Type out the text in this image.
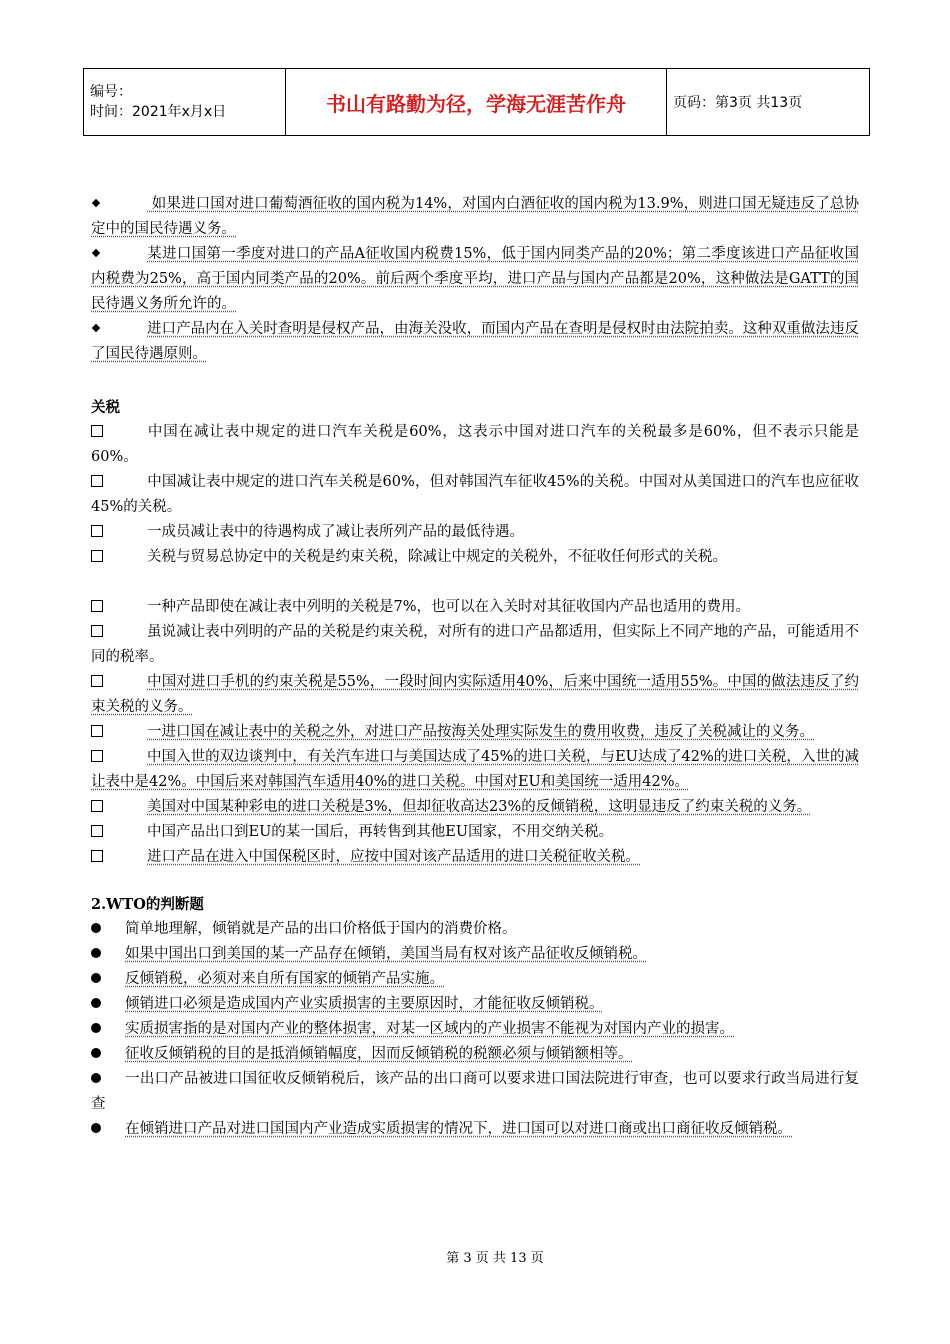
编号：
时间：2021年x月x日	书山有路勤为径，学海无涯苦作舟	页码：第3页 共13页
如果进口国对进口葡萄酒征收的国内税为14%，对国内白酒征收的国内税为13.9%，则进口国无疑违反了总协定中的国民待遇义务。
某进口国第一季度对进口的产品A征收国内税费15%，低于国内同类产品的20%；第二季度该进口产品征收国内税费为25%，高于国内同类产品的20%。前后两个季度平均，进口产品与国内产品都是20%，这种做法是GATT的国民待遇义务所允许的。
进口产品内在入关时查明是侵权产品，由海关没收，而国内产品在查明是侵权时由法院拍卖。这种双重做法违反了国民待遇原则。
关税
中国在减让表中规定的进口汽车关税是60%，这表示中国对进口汽车的关税最多是60%，但不表示只能是60%。
中国减让表中规定的进口汽车关税是60%，但对韩国汽车征收45%的关税。中国对从美国进口的汽车也应征收45%的关税。
一成员减让表中的待遇构成了减让表所列产品的最低待遇。
关税与贸易总协定中的关税是约束关税，除减让中规定的关税外，不征收任何形式的关税。
一种产品即使在减让表中列明的关税是7%，也可以在入关时对其征收国内产品也适用的费用。
虽说减让表中列明的产品的关税是约束关税，对所有的进口产品都适用，但实际上不同产地的产品，可能适用不同的税率。
中国对进口手机的约束关税是55%，一段时间内实际适用40%，后来中国统一适用55%。中国的做法违反了约束关税的义务。
一进口国在减让表中的关税之外，对进口产品按海关处理实际发生的费用收费，违反了关税减让的义务。
中国入世的双边谈判中，有关汽车进口与美国达成了45%的进口关税，与EU达成了42%的进口关税，入世的减让表中是42%。中国后来对韩国汽车适用40%的进口关税。中国对EU和美国统一适用42%。
美国对中国某种彩电的进口关税是3%，但却征收高达23%的反倾销税，这明显违反了约束关税的义务。
中国产品出口到EU的某一国后，再转售到其他EU国家，不用交纳关税。
进口产品在进入中国保税区时，应按中国对该产品适用的进口关税征收关税。
2.WTO的判断题
简单地理解，倾销就是产品的出口价格低于国内的消费价格。
如果中国出口到美国的某一产品存在倾销，美国当局有权对该产品征收反倾销税。
反倾销税，必须对来自所有国家的倾销产品实施。
倾销进口必须是造成国内产业实质损害的主要原因时，才能征收反倾销税。
实质损害指的是对国内产业的整体损害，对某一区域内的产业损害不能视为对国内产业的损害。
征收反倾销税的目的是抵消倾销幅度，因而反倾销税的税额必须与倾销额相等。
一出口产品被进口国征收反倾销税后，该产品的出口商可以要求进口国法院进行审查，也可以要求行政当局进行复查
在倾销进口产品对进口国国内产业造成实质损害的情况下，进口国可以对进口商或出口商征收反倾销税。
第 3 页 共 13 页
